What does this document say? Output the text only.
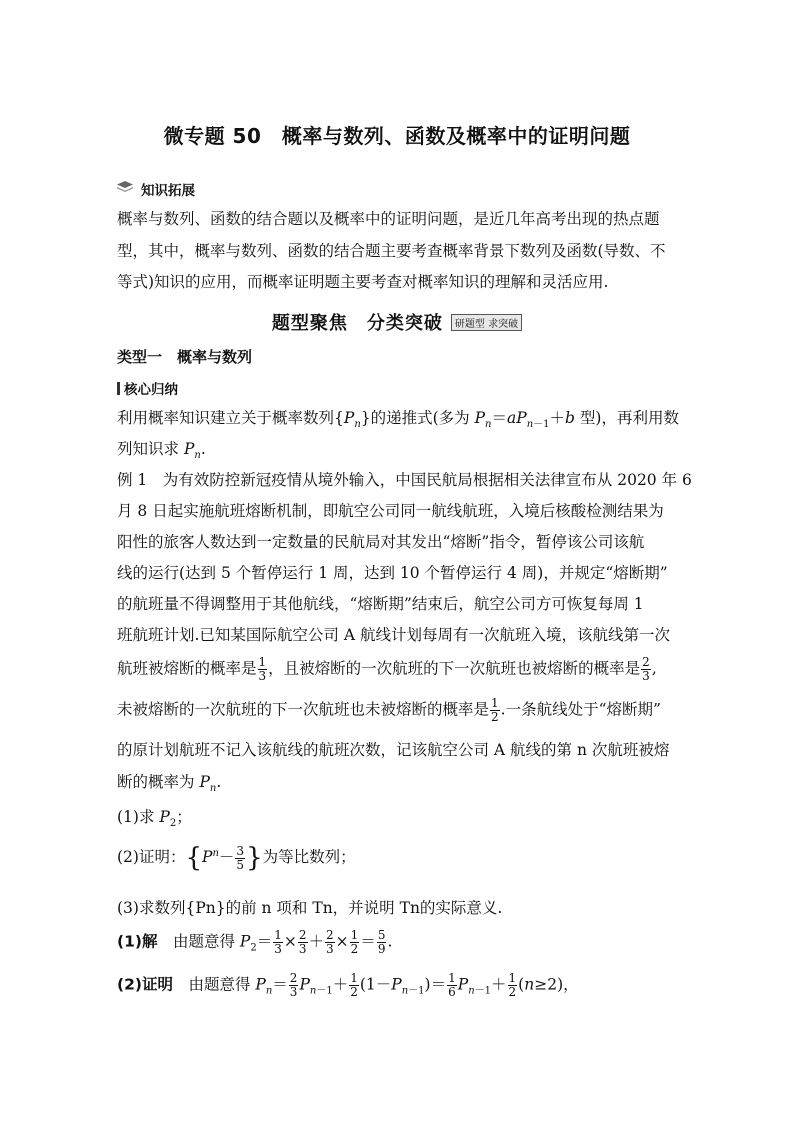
微专题 50　概率与数列、函数及概率中的证明问题
知识拓展
概率与数列、函数的结合题以及概率中的证明问题，是近几年高考出现的热点题
型，其中，概率与数列、函数的结合题主要考查概率背景下数列及函数(导数、不
等式)知识的应用，而概率证明题主要考查对概率知识的理解和灵活应用.
题型聚焦　分类突破 研题型 求突破
类型一　概率与数列
核心归纳
利用概率知识建立关于概率数列$\{P_n\}$的递推式(多为 $P_n=aP_{n-1}+b$ 型)，再利用数
列知识求 $P_n$.
例 1　为有效防控新冠疫情从境外输入，中国民航局根据相关法律宣布从 2020 年 6
月 8 日起实施航班熔断机制，即航空公司同一航线航班，入境后核酸检测结果为
阳性的旅客人数达到一定数量的民航局对其发出“熔断”指令，暂停该公司该航
线的运行(达到 5 个暂停运行 1 周，达到 10 个暂停运行 4 周)，并规定“熔断期”
的航班量不得调整用于其他航线，“熔断期”结束后，航空公司方可恢复每周 1
班航班计划.已知某国际航空公司 A 航线计划每周有一次航班入境，该航线第一次
航班被熔断的概率是 $\frac{1}{3}$ ，且被熔断的一次航班的下一次航班也被熔断的概率是 $\frac{2}{3}$ ,
未被熔断的一次航班的下一次航班也未被熔断的概率是 $\frac{1}{2}$ .一条航线处于“熔断期”
的原计划航班不记入该航线的航班次数，记该航空公司 A 航线的第 n 次航班被熔
断的概率为 $P_n$.
(1)求 $P_2$；
(2)证明：{$P^n- \frac{3}{5}$ }为等比数列；
(3)求数列{Pn}的前 n 项和 Tn，并说明 Tn的实际意义.
(1)解　由题意得 $P_2= \frac{1}{3} \times \frac{2}{3} + \frac{2}{3} \times \frac{1}{2} = \frac{5}{9}$ .
(2)证明　由题意得 $P_n= \frac{2}{3} P_{n-1}+ \frac{1}{2} (1-P_{n-1})= \frac{1}{6} P_{n-1}+ \frac{1}{2} (n\ge 2)$，
